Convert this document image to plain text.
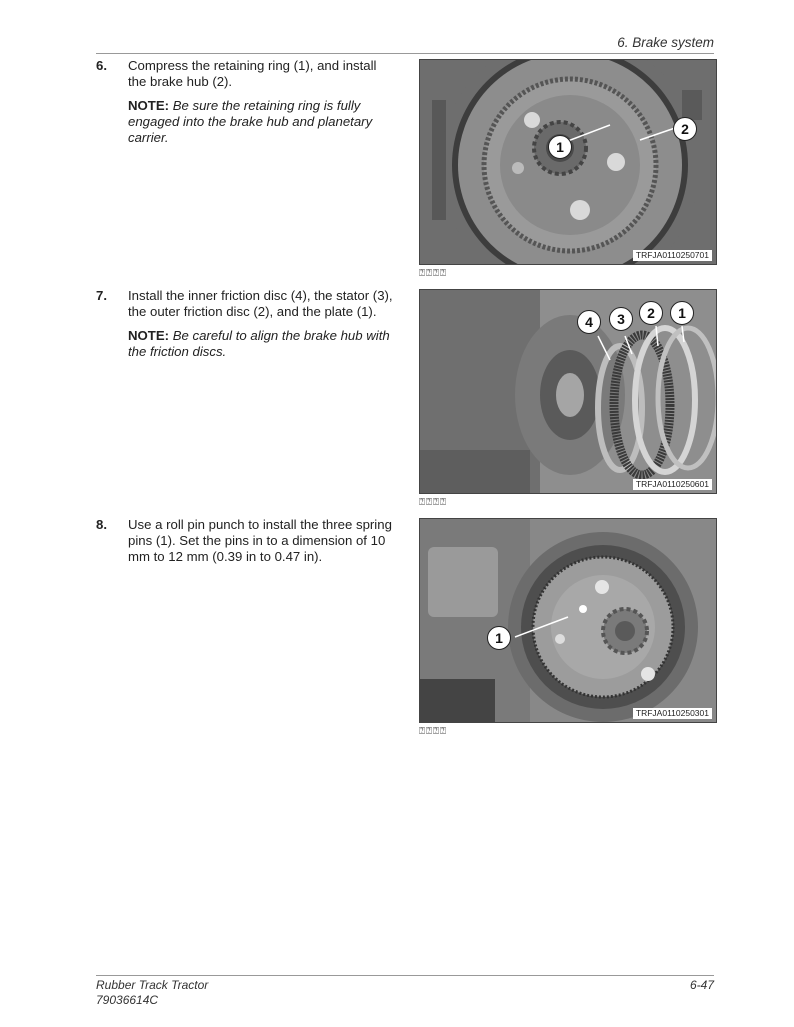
6. Brake system
6. Compress the retaining ring (1), and install the brake hub (2).
NOTE: Be sure the retaining ring is fully engaged into the brake hub and planetary carrier.
1
2
TRFJA0110250701
⍰⍰⍰⍰
7. Install the inner friction disc (4), the stator (3), the outer friction disc (2), and the plate (1).
NOTE: Be careful to align the brake hub with the friction discs.
4	3	2	1
TRFJA0110250601
⍰⍰⍰⍰
8. Use a roll pin punch to install the three spring pins (1). Set the pins in to a dimension of 10 mm to 12 mm (0.39 in to 0.47 in).
1
TRFJA0110250301
⍰⍰⍰⍰
Rubber Track Tractor
79036614C
6-47
